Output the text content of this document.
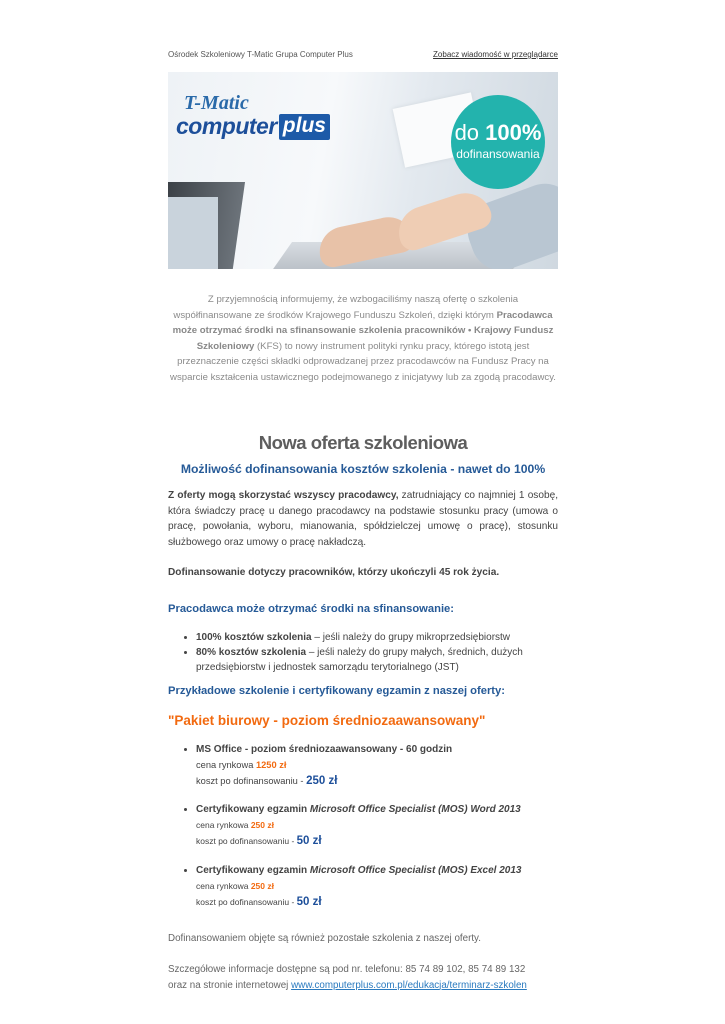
Ośrodek Szkoleniowy T-Matic Grupa Computer Plus	Zobacz wiadomość w przeglądarce
T-Matic
computer plus	do 100%
dofinansowania
Z przyjemnością informujemy, że wzbogaciliśmy naszą ofertę o szkolenia współfinansowane ze środków Krajowego Funduszu Szkoleń, dzięki którym Pracodawca może otrzymać środki na sfinansowanie szkolenia pracowników • Krajowy Fundusz Szkoleniowy (KFS) to nowy instrument polityki rynku pracy, którego istotą jest przeznaczenie części składki odprowadzanej przez pracodawców na Fundusz Pracy na wsparcie kształcenia ustawicznego podejmowanego z inicjatywy lub za zgodą pracodawcy.
Nowa oferta szkoleniowa
Możliwość dofinansowania kosztów szkolenia - nawet do 100%
Z oferty mogą skorzystać wszyscy pracodawcy, zatrudniający co najmniej 1 osobę, która świadczy pracę u danego pracodawcy na podstawie stosunku pracy (umowa o pracę, powołania, wyboru, mianowania, spółdzielczej umowę o pracę), stosunku służbowego oraz umowy o pracę nakładczą.
Dofinansowanie dotyczy pracowników, którzy ukończyli 45 rok życia.
Pracodawca może otrzymać środki na sfinansowanie:
• 100% kosztów szkolenia – jeśli należy do grupy mikroprzedsiębiorstw
• 80% kosztów szkolenia – jeśli należy do grupy małych, średnich, dużych przedsiębiorstw i jednostek samorządu terytorialnego (JST)
Przykładowe szkolenie i certyfikowany egzamin z naszej oferty:
"Pakiet biurowy - poziom średniozaawansowany"
• MS Office - poziom średniozaawansowany - 60 godzin
cena rynkowa 1250 zł
koszt po dofinansowaniu - 250 zł
• Certyfikowany egzamin Microsoft Office Specialist (MOS) Word 2013
cena rynkowa 250 zł
koszt po dofinansowaniu - 50 zł
• Certyfikowany egzamin Microsoft Office Specialist (MOS) Excel 2013
cena rynkowa 250 zł
koszt po dofinansowaniu - 50 zł
Dofinansowaniem objęte są również pozostałe szkolenia z naszej oferty.
Szczegółowe informacje dostępne są pod nr. telefonu: 85 74 89 102, 85 74 89 132
oraz na stronie internetowej www.computerplus.com.pl/edukacja/terminarz-szkolen
